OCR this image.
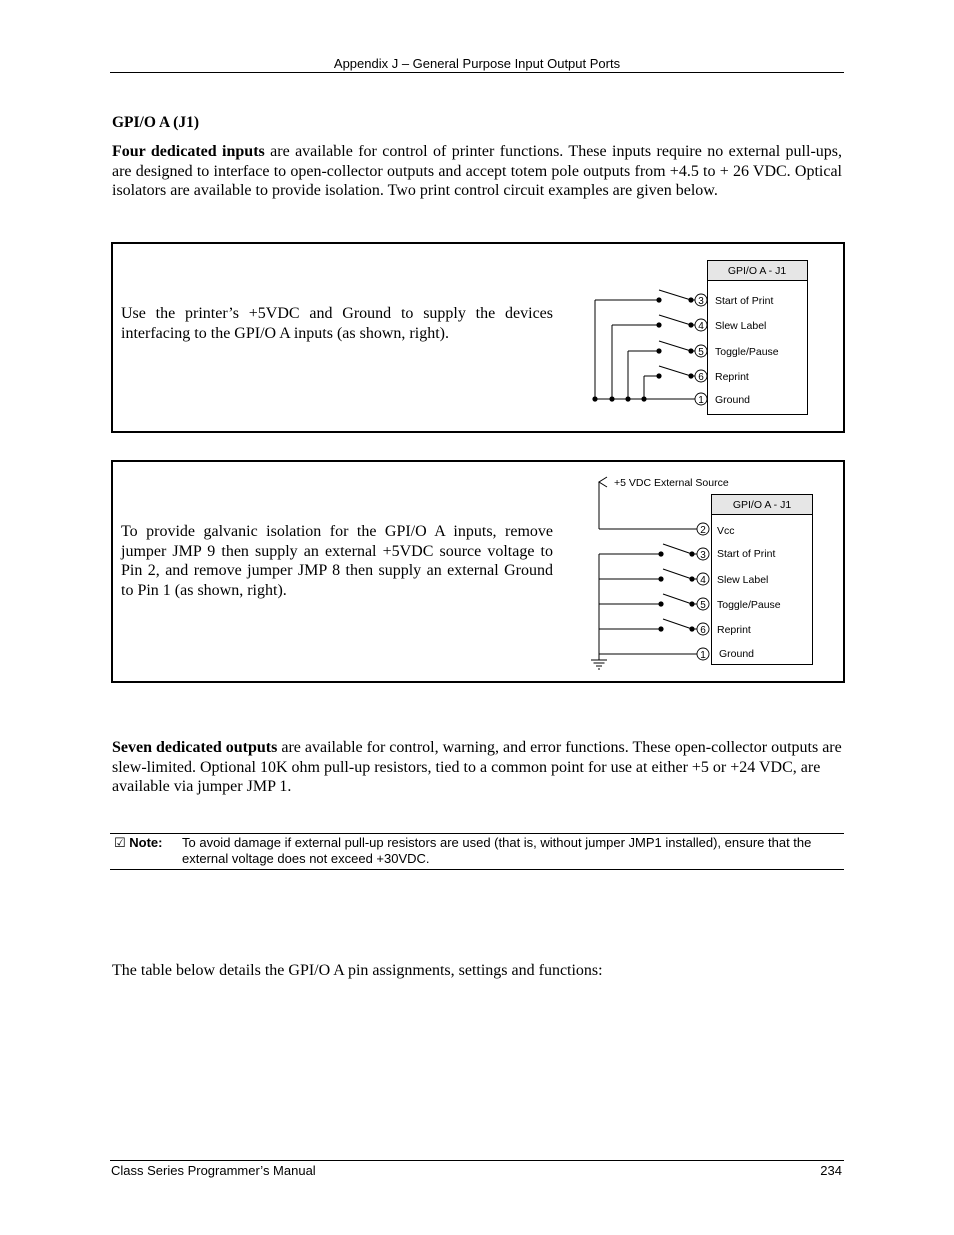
Appendix J – General Purpose Input Output Ports
GPI/O A (J1)
Four dedicated inputs are available for control of printer functions. These inputs require no external pull-ups, are designed to interface to open-collector outputs and accept totem pole outputs from +4.5 to + 26 VDC. Optical isolators are available to provide isolation. Two print control circuit examples are given below.
Use the printer’s +5VDC and Ground to supply the devices interfacing to the GPI/O A inputs (as shown, right).
GPI/O A - J1
3 Start of Print
4 Slew Label
5 Toggle/Pause
6 Reprint
1 Ground
To provide galvanic isolation for the GPI/O A inputs, remove jumper JMP 9 then supply an external +5VDC source voltage to Pin 2, and remove jumper JMP 8 then supply an external Ground to Pin 1 (as shown, right).
+5 VDC External Source
GPI/O A - J1
2 Vcc
3 Start of Print
4 Slew Label
5 Toggle/Pause
6 Reprint
1 Ground
Seven dedicated outputs are available for control, warning, and error functions. These open-collector outputs are slew-limited. Optional 10K ohm pull-up resistors, tied to a common point for use at either +5 or +24 VDC, are available via jumper JMP 1.
☑ Note: To avoid damage if external pull-up resistors are used (that is, without jumper JMP1 installed), ensure that the external voltage does not exceed +30VDC.
The table below details the GPI/O A pin assignments, settings and functions:
Class Series Programmer’s Manual	234
